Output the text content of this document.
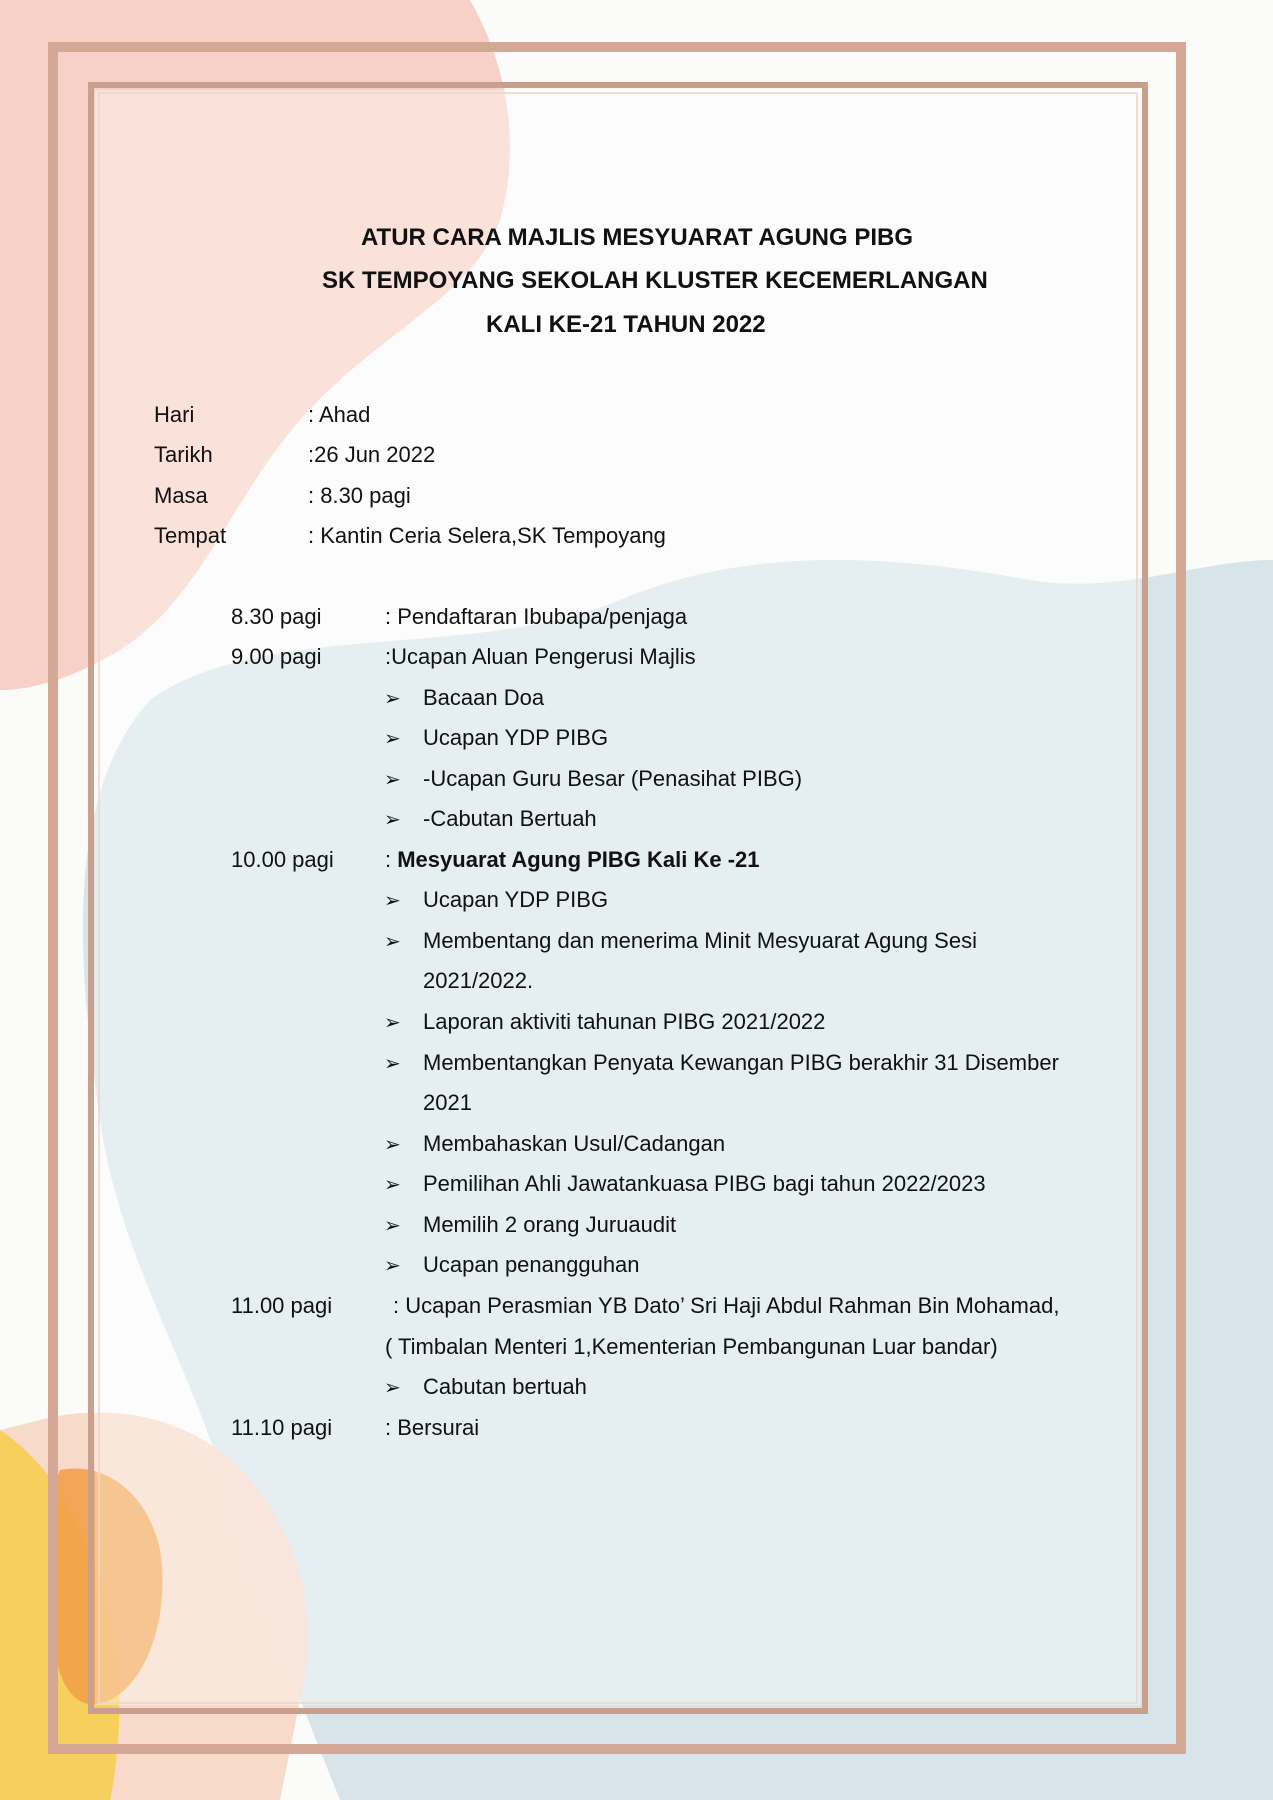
ATUR CARA MAJLIS MESYUARAT AGUNG PIBG
SK TEMPOYANG SEKOLAH KLUSTER KECEMERLANGAN
KALI KE-21 TAHUN 2022
Hari	: Ahad
Tarikh	:26 Jun 2022
Masa	: 8.30 pagi
Tempat	: Kantin Ceria Selera,SK Tempoyang
8.30 pagi	: Pendaftaran Ibubapa/penjaga
9.00 pagi	:Ucapan Aluan Pengerusi Majlis
➢ Bacaan Doa
➢ Ucapan YDP PIBG
➢ -Ucapan Guru Besar (Penasihat PIBG)
➢ -Cabutan Bertuah
10.00 pagi : Mesyuarat Agung PIBG Kali Ke -21
➢ Ucapan YDP PIBG
➢ Membentang dan menerima Minit Mesyuarat Agung Sesi
2021/2022.
➢ Laporan aktiviti tahunan PIBG 2021/2022
➢ Membentangkan Penyata Kewangan PIBG berakhir 31 Disember
2021
➢ Membahaskan Usul/Cadangan
➢ Pemilihan Ahli Jawatankuasa PIBG bagi tahun 2022/2023
➢ Memilih 2 orang Juruaudit
➢ Ucapan penangguhan
11.00 pagi	: Ucapan Perasmian YB Dato’ Sri Haji Abdul Rahman Bin Mohamad,
( Timbalan Menteri 1,Kementerian Pembangunan Luar bandar)
➢ Cabutan bertuah
11.10 pagi : Bersurai
